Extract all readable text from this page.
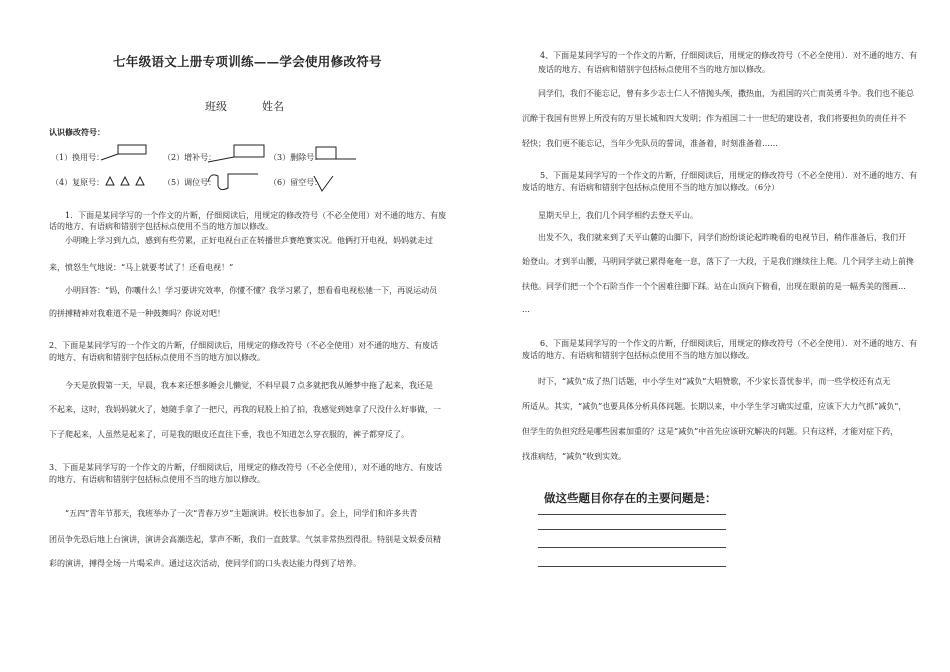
七年级语文上册专项训练——学会使用修改符号
班级	姓名
认识修改符号：
（1）换用号：	（2）增补号：	（3）删除号：
（4）复原号：	（5）调位号：	（6）留空号：
1．下面是某同学写的一个作文的片断，仔细阅读后，用规定的修改符号（不必全使用）对不通的地方、有废
话的地方、有语病和错别字包括标点使用不当的地方加以修改。
小明晚上学习到九点，感到有些劳累，正好电视台正在转播世乒赛绝赛实况。他俩打开电视，妈妈就走过
来，愤怒生气地说：“马上就要考试了！还看电视！”
小明回答：“妈，你嚷什么！学习要讲究效率，你懂不懂？我学习累了，想看看电视松驰一下，再说运动员
的拼搏精神对我难道不是一种鼓舞吗？你说对吧！
2、下面是某同学写的一个作文的片断，仔细阅读后，用规定的修改符号（不必全使用）对不通的地方、有废话
的地方、有语病和错别字包括标点使用不当的地方加以修改。
今天是放假第一天，早晨，我本来还想多睡会儿懒觉，不料早晨７点多就把我从睡梦中拖了起来，我还是
不起来，这时，我妈妈就火了，她随手拿了一把尺，再我的屁股上拍了拍，我感觉到她拿了尺没什么好事做，一
下子爬起来，人虽然是起来了，可是我的眼皮还直往下垂，我也不知道怎么穿衣服的，裤子都穿反了。
3、下面是某同学写的一个作文的片断，仔细阅读后，用规定的修改符号（不必全使用），对不通的地方、有废话
的地方、有语病和错别字包括标点使用不当的地方加以修改。
“五四”青年节那天，我班举办了一次“青春万岁”主题演讲。校长也参加了。会上，同学们和许多共青
团员争先恐后地上台演讲，演讲会高潮迭起，掌声不断，我们一直鼓掌。气氛非常热烈得很。特别是文娱委员精
彩的演讲，搏得全场一片喝采声。通过这次活动，使同学们的口头表达能力得到了培养。
4、下面是某同学写的一个作文的片断，仔细阅读后，用规定的修改符号（不必全使用）．对不通的地方、有
废话的地方、有语病和错别字包括标点使用不当的地方加以修改。
同学们，我们不能忘记，曾有多少志士仁人不惜抛头颅，撒热血，为祖国的兴亡而英勇斗争。我们也不能总
沉醉于我国有世界上所没有的万里长城和四大发明；作为祖国二十一世纪的建设者，我们将要担负的责任并不
轻快；我们更不能忘记，当年少先队员的誓词，准备着，时刻准备着……
5、下面是某同学写的一个作文的片断，仔细阅读后，用规定的修改符号（不必全使用）．对不通的地方、有
废话的地方、有语病和错别字包括标点使用不当的地方加以修改。（6分）
星期天早上，我们几个同学相约去登天平山。
出发不久，我们就来到了天平山麓的山脚下，同学们纷纷谈论起昨晚看的电视节目，稍作准备后，我们开
始登山。才到半山腰，马明同学就已累得奄奄一息，落下了一大段，于是我们继续往上爬。几个同学主动上前搀
扶他。同学们把一个个石阶当作一个个困难往脚下踩。站在山顶向下俯看，出现在眼前的是一幅秀美的图画…
…
6、下面是某同学写的一个作文的片断，仔细阅读后，用规定的修改符号（不必全使用）．对不通的地方、有
废话的地方、有语病和错别字包括标点使用不当的地方加以修改。
时下，“减负”成了热门话题，中小学生对“减负”大唱赞歌，不少家长喜忧参半，而一些学校还有点无
所适从。其实，“减负”也要具体分析具体问题。长期以来，中小学生学习确实过重，应该下大力气抓“减负”，
但学生的负担究经是哪些因素加重的？这是“减负”中首先应该研究解决的问题。只有这样，才能对症下药，
找准病结，“减负”收到实效。
做这些题目你存在的主要问题是：
